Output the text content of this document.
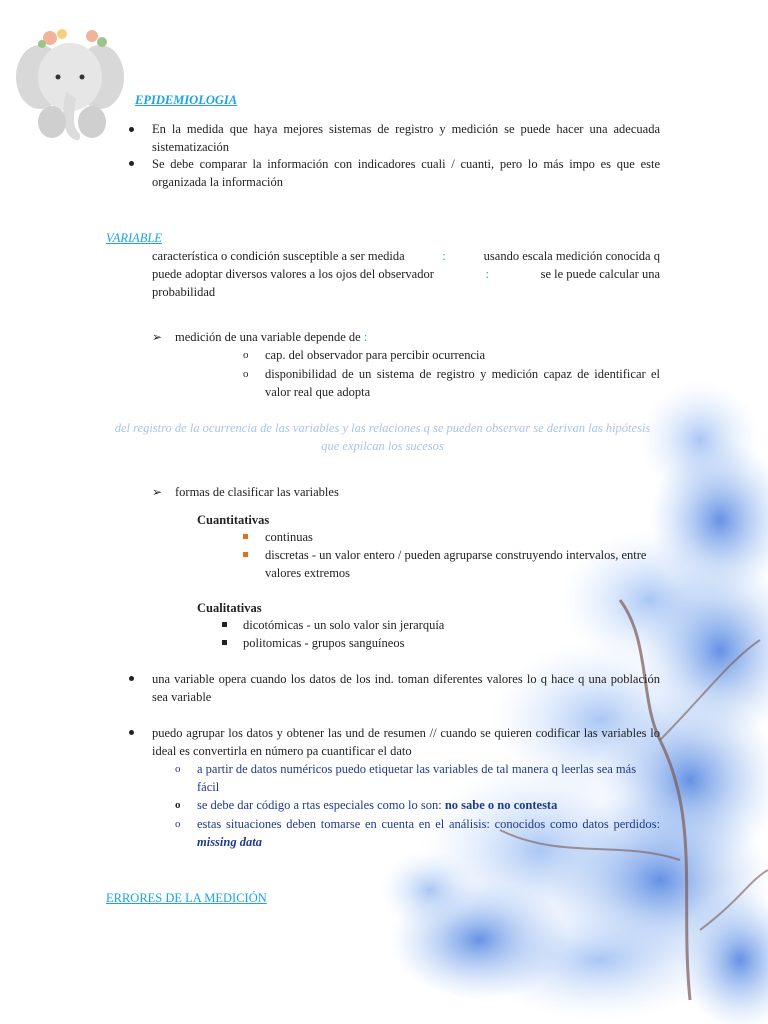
EPIDEMIOLOGIA
En la medida que haya mejores sistemas de registro y medición se puede hacer una adecuada sistematización
Se debe comparar la información con indicadores cuali / cuanti, pero lo más impo es que este organizada la información
VARIABLE
característica o condición susceptible a ser medida	:	usando escala medición conocida q
puede adoptar diversos valores a los ojos del observador	:	se le puede calcular una
probabilidad
➢ medición de una variable depende de :
o cap. del observador para percibir ocurrencia
o disponibilidad de un sistema de registro y medición capaz de identificar el valor real que adopta
del registro de la ocurrencia de las variables y las relaciones q se pueden observar se derivan las hipótesis que expilcan los sucesos
➢ formas de clasificar las variables
Cuantitativas
continuas
discretas - un valor entero / pueden agruparse construyendo intervalos, entre valores extremos
Cualitativas
dicotómicas - un solo valor sin jerarquía
politomicas - grupos sanguíneos
una variable opera cuando los datos de los ind. toman diferentes valores lo q hace q una población sea variable
puedo agrupar los datos y obtener las und de resumen // cuando se quieren codificar las variables lo ideal es convertirla en número pa cuantificar el dato
o a partir de datos numéricos puedo etiquetar las variables de tal manera q leerlas sea más fácil
o se debe dar código a rtas especiales como lo son: no sabe o no contesta
o estas situaciones deben tomarse en cuenta en el análisis: conocidos como datos perdidos: missing data
ERRORES DE LA MEDICIÓN
